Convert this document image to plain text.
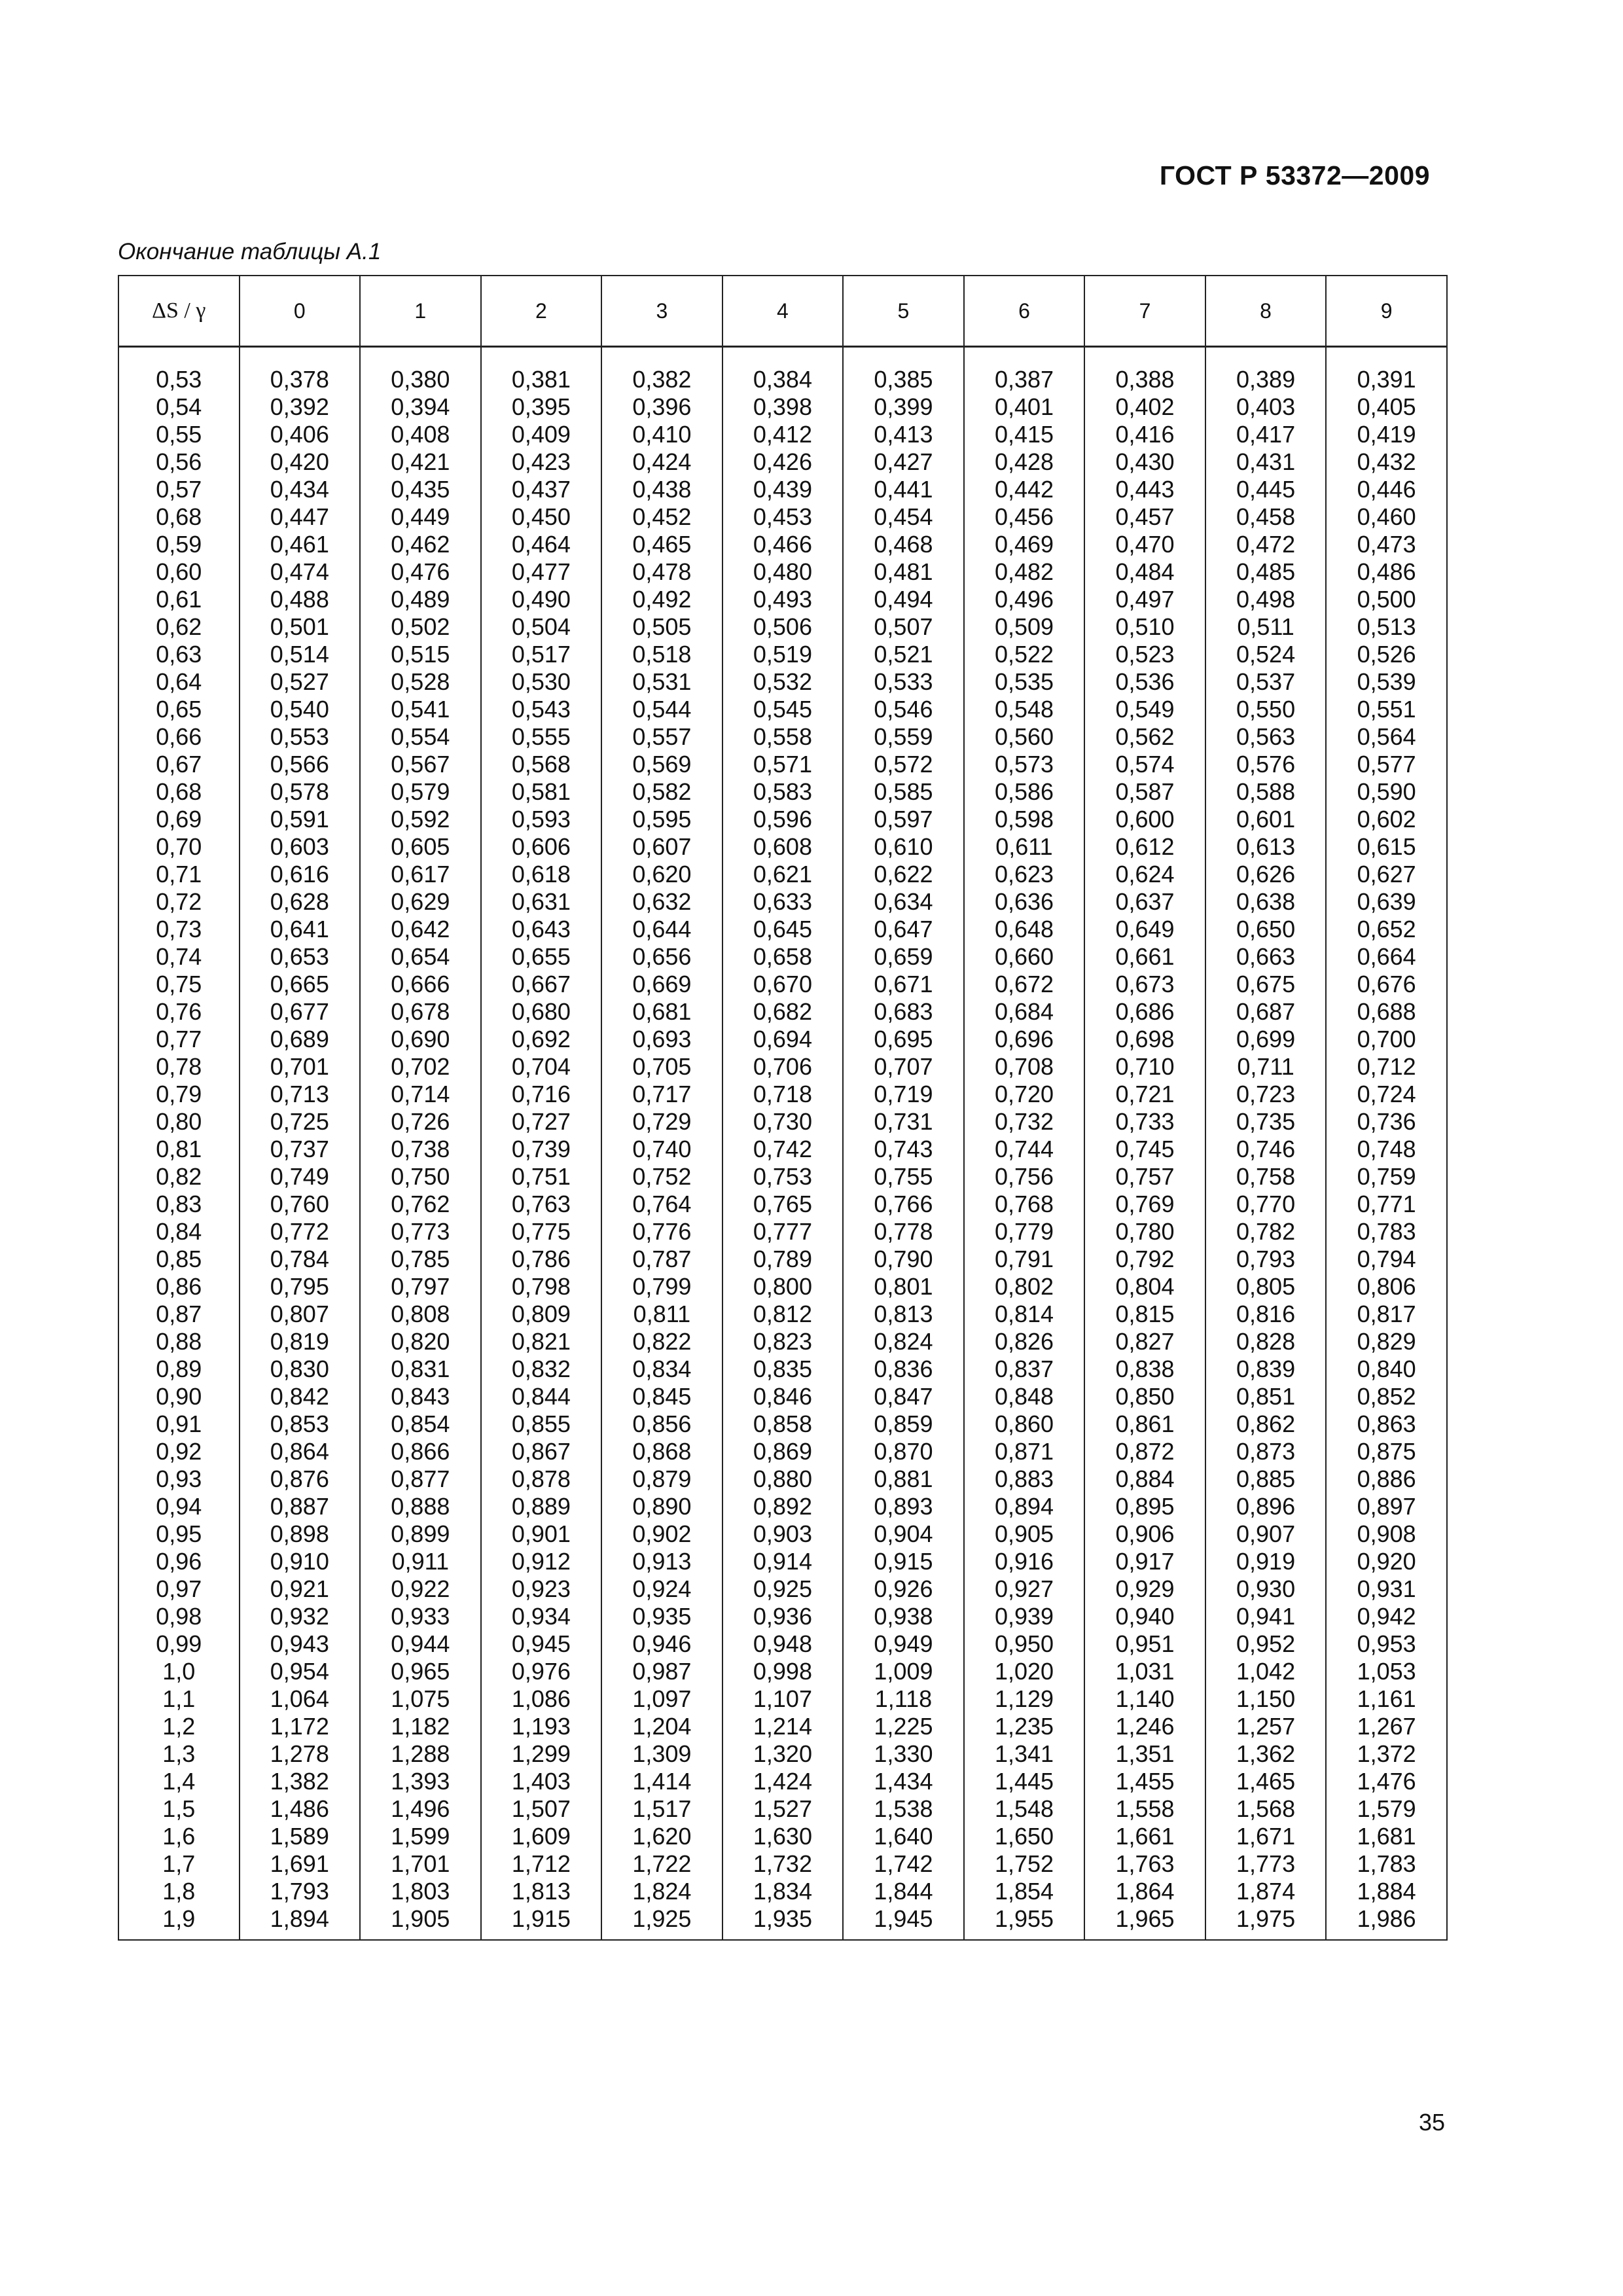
ГОСТ Р 53372—2009
Окончание таблицы А.1
ΔS / γ	0	1	2	3	4	5	6	7	8	9
0,53	0,378	0,380	0,381	0,382	0,384	0,385	0,387	0,388	0,389	0,391
0,54	0,392	0,394	0,395	0,396	0,398	0,399	0,401	0,402	0,403	0,405
0,55	0,406	0,408	0,409	0,410	0,412	0,413	0,415	0,416	0,417	0,419
0,56	0,420	0,421	0,423	0,424	0,426	0,427	0,428	0,430	0,431	0,432
0,57	0,434	0,435	0,437	0,438	0,439	0,441	0,442	0,443	0,445	0,446
0,68	0,447	0,449	0,450	0,452	0,453	0,454	0,456	0,457	0,458	0,460
0,59	0,461	0,462	0,464	0,465	0,466	0,468	0,469	0,470	0,472	0,473
0,60	0,474	0,476	0,477	0,478	0,480	0,481	0,482	0,484	0,485	0,486
0,61	0,488	0,489	0,490	0,492	0,493	0,494	0,496	0,497	0,498	0,500
0,62	0,501	0,502	0,504	0,505	0,506	0,507	0,509	0,510	0,511	0,513
0,63	0,514	0,515	0,517	0,518	0,519	0,521	0,522	0,523	0,524	0,526
0,64	0,527	0,528	0,530	0,531	0,532	0,533	0,535	0,536	0,537	0,539
0,65	0,540	0,541	0,543	0,544	0,545	0,546	0,548	0,549	0,550	0,551
0,66	0,553	0,554	0,555	0,557	0,558	0,559	0,560	0,562	0,563	0,564
0,67	0,566	0,567	0,568	0,569	0,571	0,572	0,573	0,574	0,576	0,577
0,68	0,578	0,579	0,581	0,582	0,583	0,585	0,586	0,587	0,588	0,590
0,69	0,591	0,592	0,593	0,595	0,596	0,597	0,598	0,600	0,601	0,602
0,70	0,603	0,605	0,606	0,607	0,608	0,610	0,611	0,612	0,613	0,615
0,71	0,616	0,617	0,618	0,620	0,621	0,622	0,623	0,624	0,626	0,627
0,72	0,628	0,629	0,631	0,632	0,633	0,634	0,636	0,637	0,638	0,639
0,73	0,641	0,642	0,643	0,644	0,645	0,647	0,648	0,649	0,650	0,652
0,74	0,653	0,654	0,655	0,656	0,658	0,659	0,660	0,661	0,663	0,664
0,75	0,665	0,666	0,667	0,669	0,670	0,671	0,672	0,673	0,675	0,676
0,76	0,677	0,678	0,680	0,681	0,682	0,683	0,684	0,686	0,687	0,688
0,77	0,689	0,690	0,692	0,693	0,694	0,695	0,696	0,698	0,699	0,700
0,78	0,701	0,702	0,704	0,705	0,706	0,707	0,708	0,710	0,711	0,712
0,79	0,713	0,714	0,716	0,717	0,718	0,719	0,720	0,721	0,723	0,724
0,80	0,725	0,726	0,727	0,729	0,730	0,731	0,732	0,733	0,735	0,736
0,81	0,737	0,738	0,739	0,740	0,742	0,743	0,744	0,745	0,746	0,748
0,82	0,749	0,750	0,751	0,752	0,753	0,755	0,756	0,757	0,758	0,759
0,83	0,760	0,762	0,763	0,764	0,765	0,766	0,768	0,769	0,770	0,771
0,84	0,772	0,773	0,775	0,776	0,777	0,778	0,779	0,780	0,782	0,783
0,85	0,784	0,785	0,786	0,787	0,789	0,790	0,791	0,792	0,793	0,794
0,86	0,795	0,797	0,798	0,799	0,800	0,801	0,802	0,804	0,805	0,806
0,87	0,807	0,808	0,809	0,811	0,812	0,813	0,814	0,815	0,816	0,817
0,88	0,819	0,820	0,821	0,822	0,823	0,824	0,826	0,827	0,828	0,829
0,89	0,830	0,831	0,832	0,834	0,835	0,836	0,837	0,838	0,839	0,840
0,90	0,842	0,843	0,844	0,845	0,846	0,847	0,848	0,850	0,851	0,852
0,91	0,853	0,854	0,855	0,856	0,858	0,859	0,860	0,861	0,862	0,863
0,92	0,864	0,866	0,867	0,868	0,869	0,870	0,871	0,872	0,873	0,875
0,93	0,876	0,877	0,878	0,879	0,880	0,881	0,883	0,884	0,885	0,886
0,94	0,887	0,888	0,889	0,890	0,892	0,893	0,894	0,895	0,896	0,897
0,95	0,898	0,899	0,901	0,902	0,903	0,904	0,905	0,906	0,907	0,908
0,96	0,910	0,911	0,912	0,913	0,914	0,915	0,916	0,917	0,919	0,920
0,97	0,921	0,922	0,923	0,924	0,925	0,926	0,927	0,929	0,930	0,931
0,98	0,932	0,933	0,934	0,935	0,936	0,938	0,939	0,940	0,941	0,942
0,99	0,943	0,944	0,945	0,946	0,948	0,949	0,950	0,951	0,952	0,953
1,0	0,954	0,965	0,976	0,987	0,998	1,009	1,020	1,031	1,042	1,053
1,1	1,064	1,075	1,086	1,097	1,107	1,118	1,129	1,140	1,150	1,161
1,2	1,172	1,182	1,193	1,204	1,214	1,225	1,235	1,246	1,257	1,267
1,3	1,278	1,288	1,299	1,309	1,320	1,330	1,341	1,351	1,362	1,372
1,4	1,382	1,393	1,403	1,414	1,424	1,434	1,445	1,455	1,465	1,476
1,5	1,486	1,496	1,507	1,517	1,527	1,538	1,548	1,558	1,568	1,579
1,6	1,589	1,599	1,609	1,620	1,630	1,640	1,650	1,661	1,671	1,681
1,7	1,691	1,701	1,712	1,722	1,732	1,742	1,752	1,763	1,773	1,783
1,8	1,793	1,803	1,813	1,824	1,834	1,844	1,854	1,864	1,874	1,884
1,9	1,894	1,905	1,915	1,925	1,935	1,945	1,955	1,965	1,975	1,986
35
